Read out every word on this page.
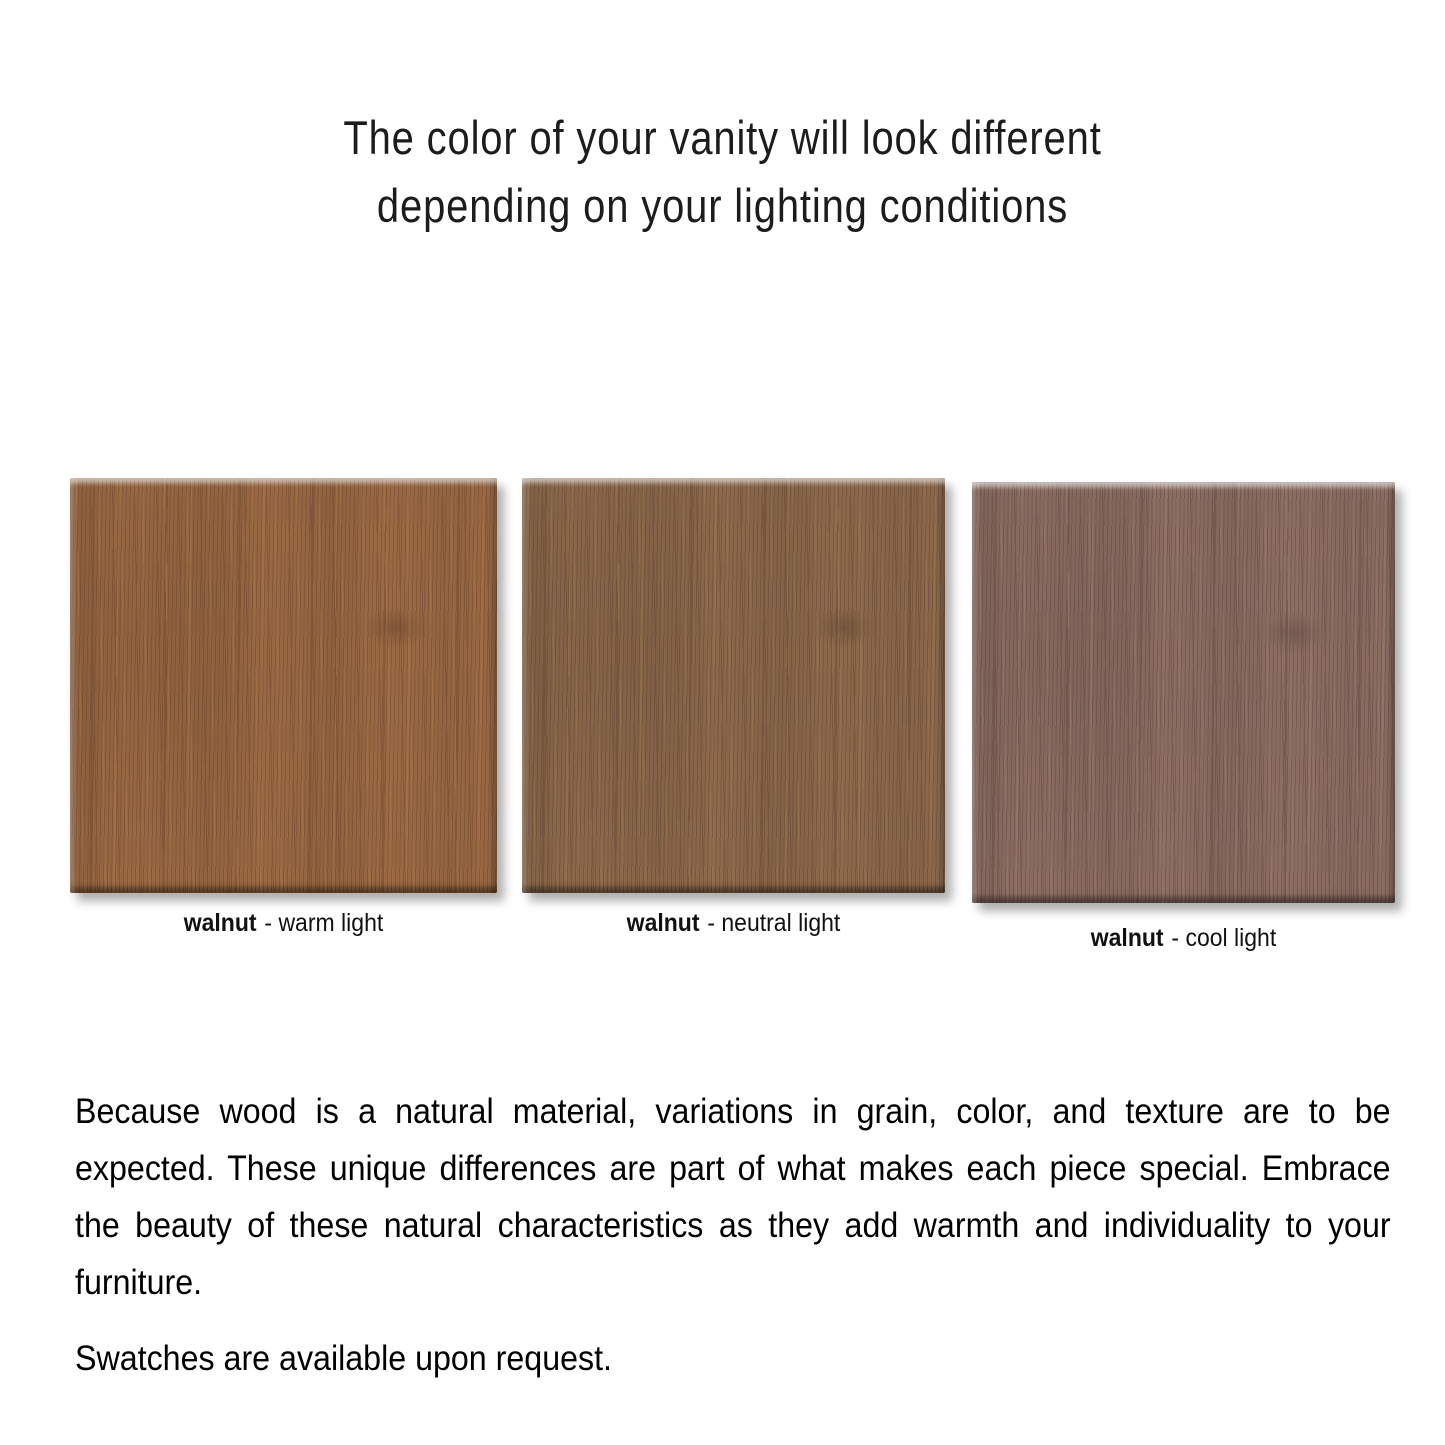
The color of your vanity will look different
depending on your lighting conditions
walnut - warm light	walnut - neutral light
walnut - cool light

Because wood is a natural material, variations in grain, color, and texture are to be expected. These unique differences are part of what makes each piece special. Embrace the beauty of these natural characteristics as they add warmth and individuality to your furniture.

Swatches are available upon request.
